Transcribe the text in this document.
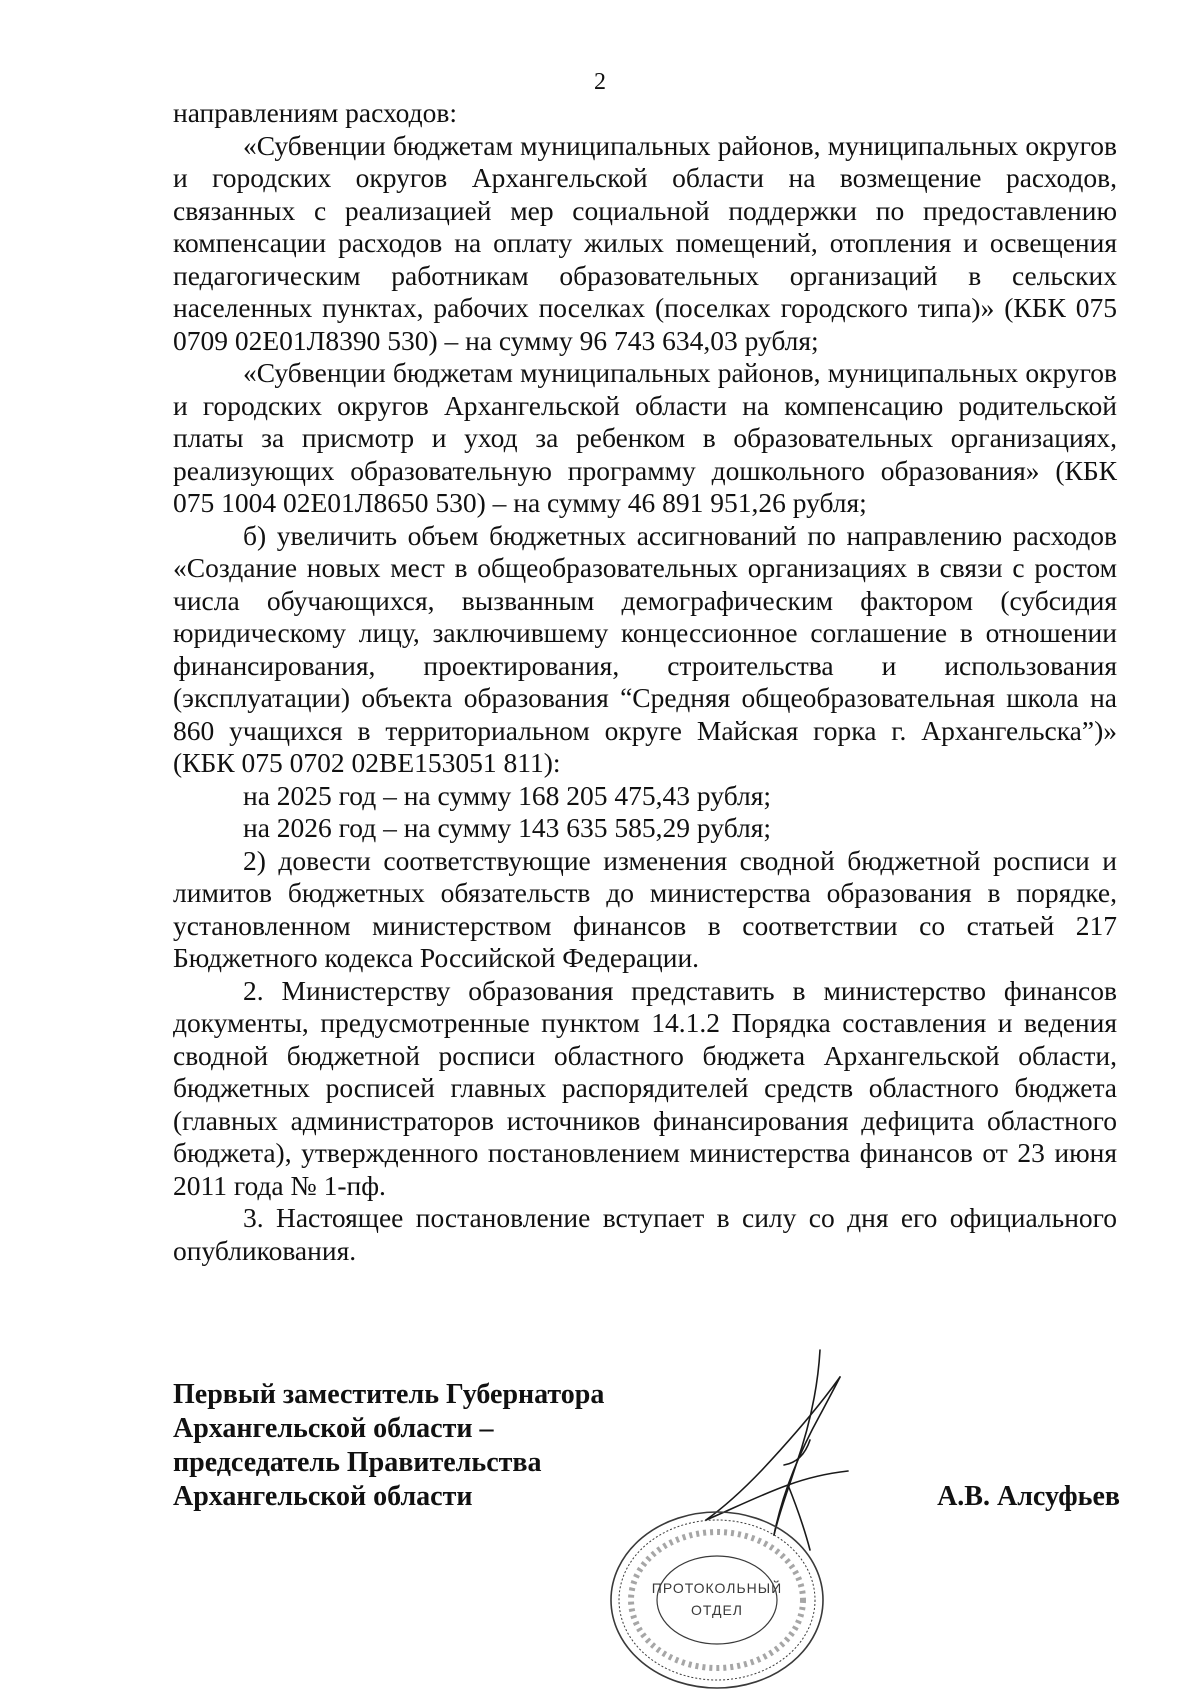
2

направлениям расходов:

«Субвенции бюджетам муниципальных районов, муниципальных округов и городских округов Архангельской области на возмещение расходов, связанных с реализацией мер социальной поддержки по предоставлению компенсации расходов на оплату жилых помещений, отопления и освещения педагогическим работникам образовательных организаций в сельских населенных пунктах, рабочих поселках (поселках городского типа)» (КБК 075 0709 02Е01Л8390 530) – на сумму 96 743 634,03 рубля;

«Субвенции бюджетам муниципальных районов, муниципальных округов и городских округов Архангельской области на компенсацию родительской платы за присмотр и уход за ребенком в образовательных организациях, реализующих образовательную программу дошкольного образования» (КБК 075 1004 02Е01Л8650 530) – на сумму 46 891 951,26 рубля;

б) увеличить объем бюджетных ассигнований по направлению расходов «Создание новых мест в общеобразовательных организациях в связи с ростом числа обучающихся, вызванным демографическим фактором (субсидия юридическому лицу, заключившему концессионное соглашение в отношении финансирования, проектирования, строительства и использования (эксплуатации) объекта образования “Средняя общеобразовательная школа на 860 учащихся в территориальном округе Майская горка г. Архангельска”)» (КБК 075 0702 02ВЕ153051 811):

на 2025 год – на сумму 168 205 475,43 рубля;

на 2026 год – на сумму 143 635 585,29 рубля;

2) довести соответствующие изменения сводной бюджетной росписи и лимитов бюджетных обязательств до министерства образования в порядке, установленном министерством финансов в соответствии со статьей 217 Бюджетного кодекса Российской Федерации.

2. Министерству образования представить в министерство финансов документы, предусмотренные пунктом 14.1.2 Порядка составления и ведения сводной бюджетной росписи областного бюджета Архангельской области, бюджетных росписей главных распорядителей средств областного бюджета (главных администраторов источников финансирования дефицита областного бюджета), утвержденного постановлением министерства финансов от 23 июня 2011 года № 1-пф.

3. Настоящее постановление вступает в силу со дня его официального опубликования.

Первый заместитель Губернатора
Архангельской области –
председатель Правительства
Архангельской области	А.В. Алсуфьев
ПРОТОКОЛЬНЫЙ
ОТДЕЛ
